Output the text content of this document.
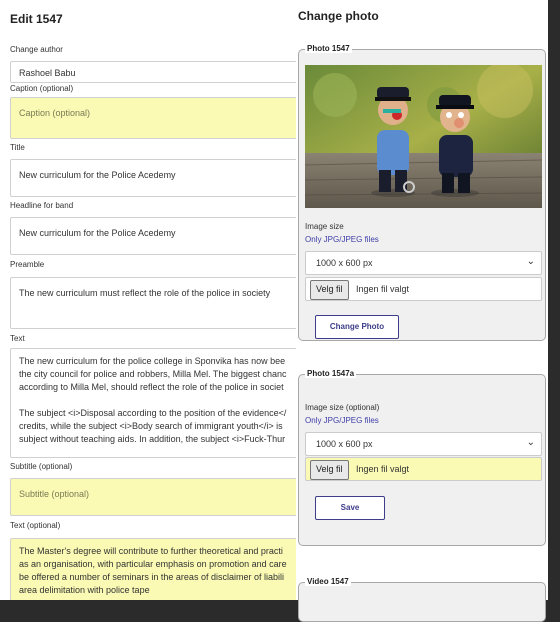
Edit 1547
Change author
Rashoel Babu
Caption (optional)
Caption (optional)
Title
New curriculum for the Police Acedemy
Headline for band
New curriculum for the Police Acedemy
Preamble
The new curriculum must reflect the role of the police in society
Text
The new curriculum for the police college in Sponvika has now bee
the city council for police and robbers, Milla Mel. The biggest chanc
according to Milla Mel, should reflect the role of the police in societ

The subject <i>Disposal according to the position of the evidence</
credits, while the subject <i>Body search of immigrant youth</i> is
subject without teaching aids. In addition, the subject <i>Fuck-Thur
Subtitle (optional)
Subtitle (optional)
Text (optional)
The Master's degree will contribute to further theoretical and practi
as an organisation, with particular emphasis on promotion and care
be offered a number of seminars in the areas of disclaimer of liabili
area delimitation with police tape
Change photo
Photo 1547
Image size
Only JPG/JPEG files
1000 x 600 px	⌄
Velg fil	Ingen fil valgt
Change Photo
Photo 1547a
Image size (optional)
Only JPG/JPEG files
1000 x 600 px	⌄
Velg fil	Ingen fil valgt
Save
Video 1547
